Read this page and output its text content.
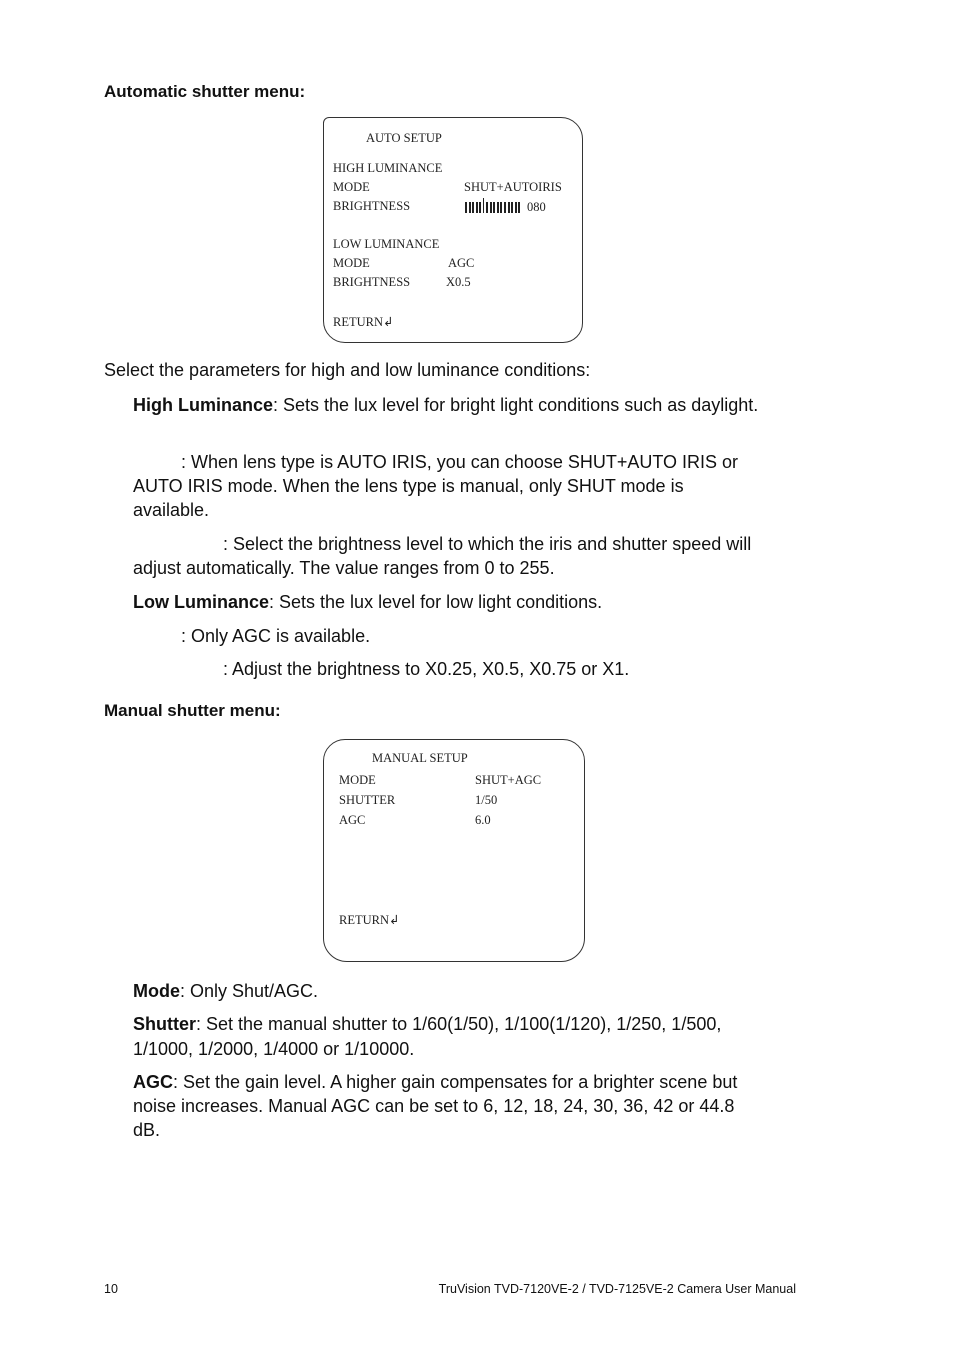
Automatic shutter menu:
AUTO SETUP
HIGH LUMINANCE
MODE	SHUT+AUTOIRIS
BRIGHTNESS	080
LOW LUMINANCE
MODE	AGC
BRIGHTNESS	X0.5
RETURN↲
Select the parameters for high and low luminance conditions:
High Luminance: Sets the lux level for bright light conditions such as daylight.
: When lens type is AUTO IRIS, you can choose SHUT+AUTO IRIS or
AUTO IRIS mode. When the lens type is manual, only SHUT mode is
available.
: Select the brightness level to which the iris and shutter speed will
adjust automatically. The value ranges from 0 to 255.
Low Luminance: Sets the lux level for low light conditions.
: Only AGC is available.
: Adjust the brightness to X0.25, X0.5, X0.75 or X1.
Manual shutter menu:
MANUAL SETUP
MODE	SHUT+AGC
SHUTTER	1/50
AGC	6.0
RETURN↲
Mode: Only Shut/AGC.
Shutter: Set the manual shutter to 1/60(1/50), 1/100(1/120), 1/250, 1/500,
1/1000, 1/2000, 1/4000 or 1/10000.
AGC: Set the gain level. A higher gain compensates for a brighter scene but
noise increases. Manual AGC can be set to 6, 12, 18, 24, 30, 36, 42 or 44.8
dB.
10	TruVision TVD-7120VE-2 / TVD-7125VE-2 Camera User Manual
